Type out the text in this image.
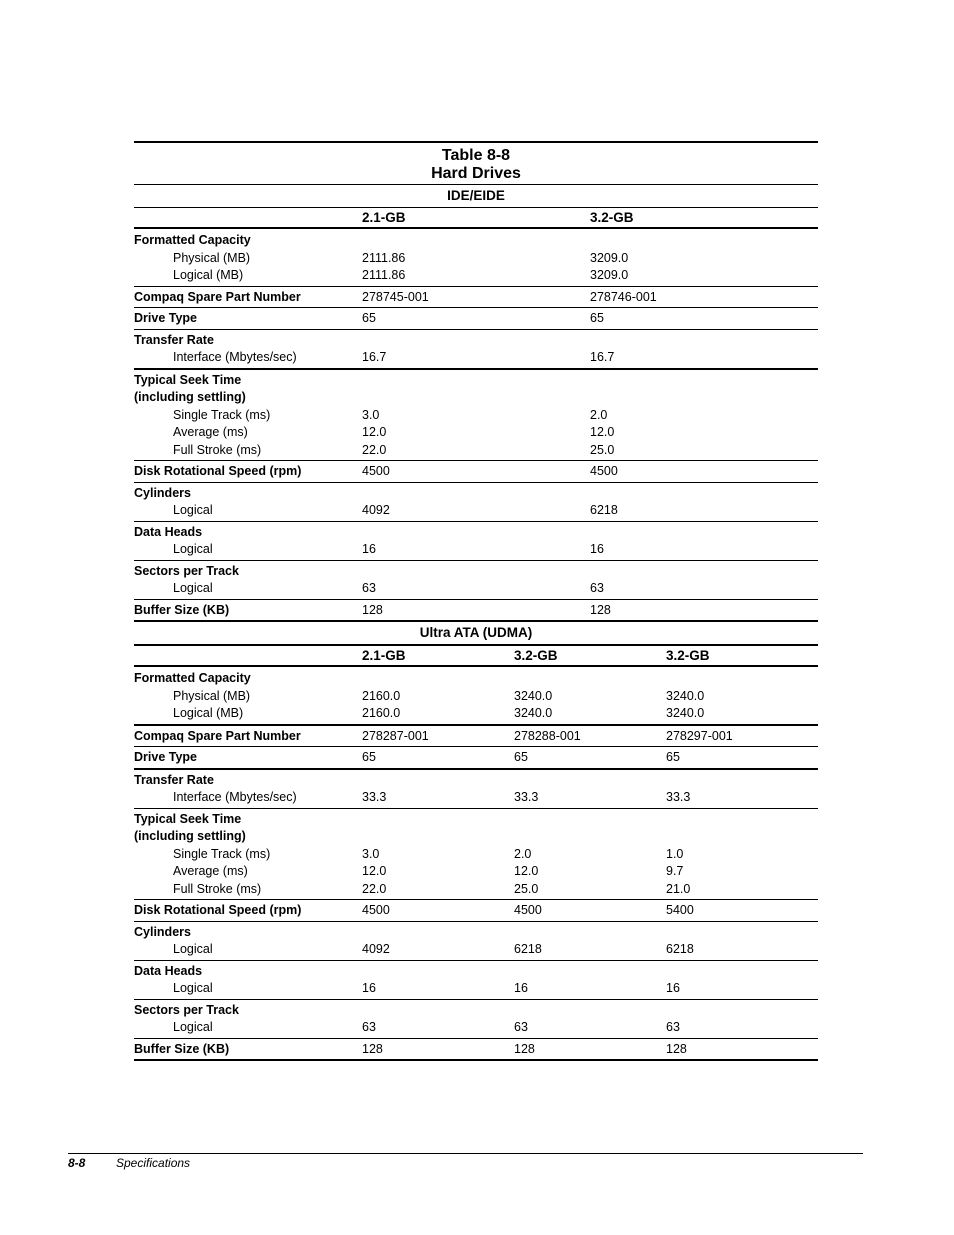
Table 8-8
Hard Drives
IDE/EIDE
2.1-GB	3.2-GB
Formatted Capacity
Physical (MB)	2111.86	3209.0
Logical (MB)	2111.86	3209.0
Compaq Spare Part Number	278745-001	278746-001
Drive Type	65	65
Transfer Rate
Interface (Mbytes/sec)	16.7	16.7
Typical Seek Time
(including settling)
Single Track (ms)	3.0	2.0
Average (ms)	12.0	12.0
Full Stroke (ms)	22.0	25.0
Disk Rotational Speed (rpm)	4500	4500
Cylinders
Logical	4092	6218
Data Heads
Logical	16	16
Sectors per Track
Logical	63	63
Buffer Size (KB)	128	128
Ultra ATA (UDMA)
2.1-GB	3.2-GB	3.2-GB
Formatted Capacity
Physical (MB)	2160.0	3240.0	3240.0
Logical (MB)	2160.0	3240.0	3240.0
Compaq Spare Part Number	278287-001	278288-001	278297-001
Drive Type	65	65	65
Transfer Rate
Interface (Mbytes/sec)	33.3	33.3	33.3
Typical Seek Time
(including settling)
Single Track (ms)	3.0	2.0	1.0
Average (ms)	12.0	12.0	9.7
Full Stroke (ms)	22.0	25.0	21.0
Disk Rotational Speed (rpm)	4500	4500	5400
Cylinders
Logical	4092	6218	6218
Data Heads
Logical	16	16	16
Sectors per Track
Logical	63	63	63
Buffer Size (KB)	128	128	128
8-8	Specifications
